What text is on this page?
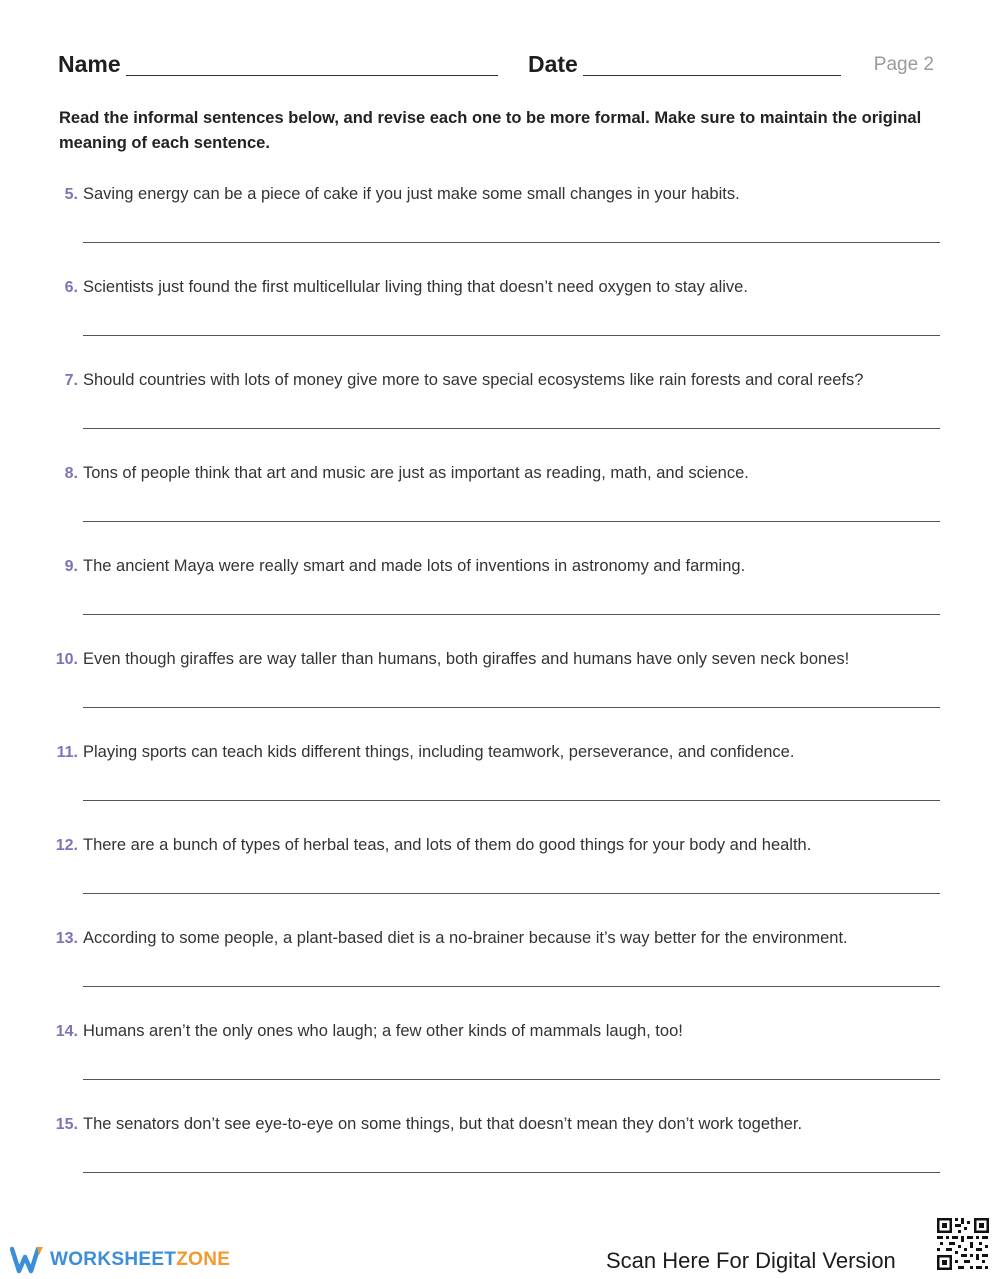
Name	Date	Page 2

Read the informal sentences below, and revise each one to be more formal. Make sure to maintain the original meaning of each sentence.

5. Saving energy can be a piece of cake if you just make some small changes in your habits.
6. Scientists just found the first multicellular living thing that doesn’t need oxygen to stay alive.
7. Should countries with lots of money give more to save special ecosystems like rain forests and coral reefs?
8. Tons of people think that art and music are just as important as reading, math, and science.
9. The ancient Maya were really smart and made lots of inventions in astronomy and farming.
10. Even though giraffes are way taller than humans, both giraffes and humans have only seven neck bones!
11. Playing sports can teach kids different things, including teamwork, perseverance, and confidence.
12. There are a bunch of types of herbal teas, and lots of them do good things for your body and health.
13. According to some people, a plant-based diet is a no-brainer because it’s way better for the environment.
14. Humans aren’t the only ones who laugh; a few other kinds of mammals laugh, too!
15. The senators don’t see eye-to-eye on some things, but that doesn’t mean they don’t work together.
WORKSHEETZONE	Scan Here For Digital Version
